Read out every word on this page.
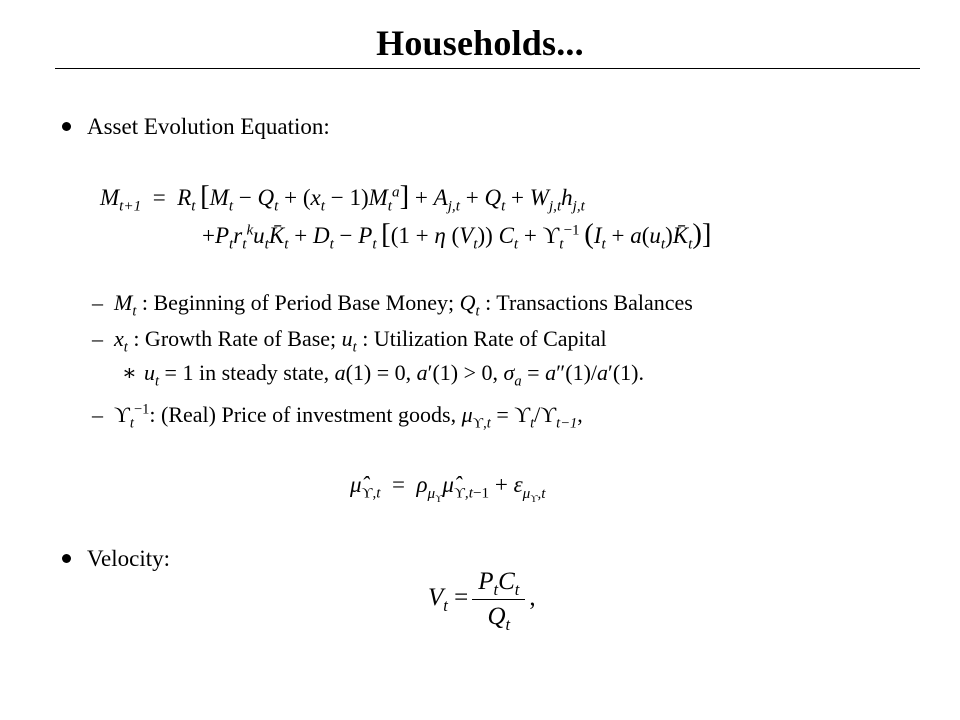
Households...
Asset Evolution Equation:
$M_{t+1} = R_t$  $[M_t - Q_t + (x_t - 1)M_t^a] + A_{j,t} + Q_t + W_{j,t}h_{j,t}$
$+P_tr_t^ku_tK̄_t + D_t - P_t$  [(1 + η $(V_t)$) $C_t + ϒ_t^{-1}$  ($I_t$ + $a(u_t)K̄_t$)]
– $M_t$ : Beginning of Period Base Money; $Q_t$ : Transactions Balances
– $x_t$ : Growth Rate of Base; $u_t$ : Utilization Rate of Capital
∗ $u_t = 1$ in steady state, a(1) = 0, a′(1) > 0, $\sigma_a = a''(1)/a'(1)$.
– $ϒ_t^{-1}$: (Real) Price of investment goods, $\mu_{ϒ,t} = ϒ_t/ϒ_{t-1}$,
$\mû_{ϒ,t}$  =  $\rho_{\mu_ϒ}\mû_{ϒ,t-1} + \varepsilon_{\mu_ϒ,t}$
Velocity:
$V_t = \frac{P_tC_t}{Q_t}$ ,
